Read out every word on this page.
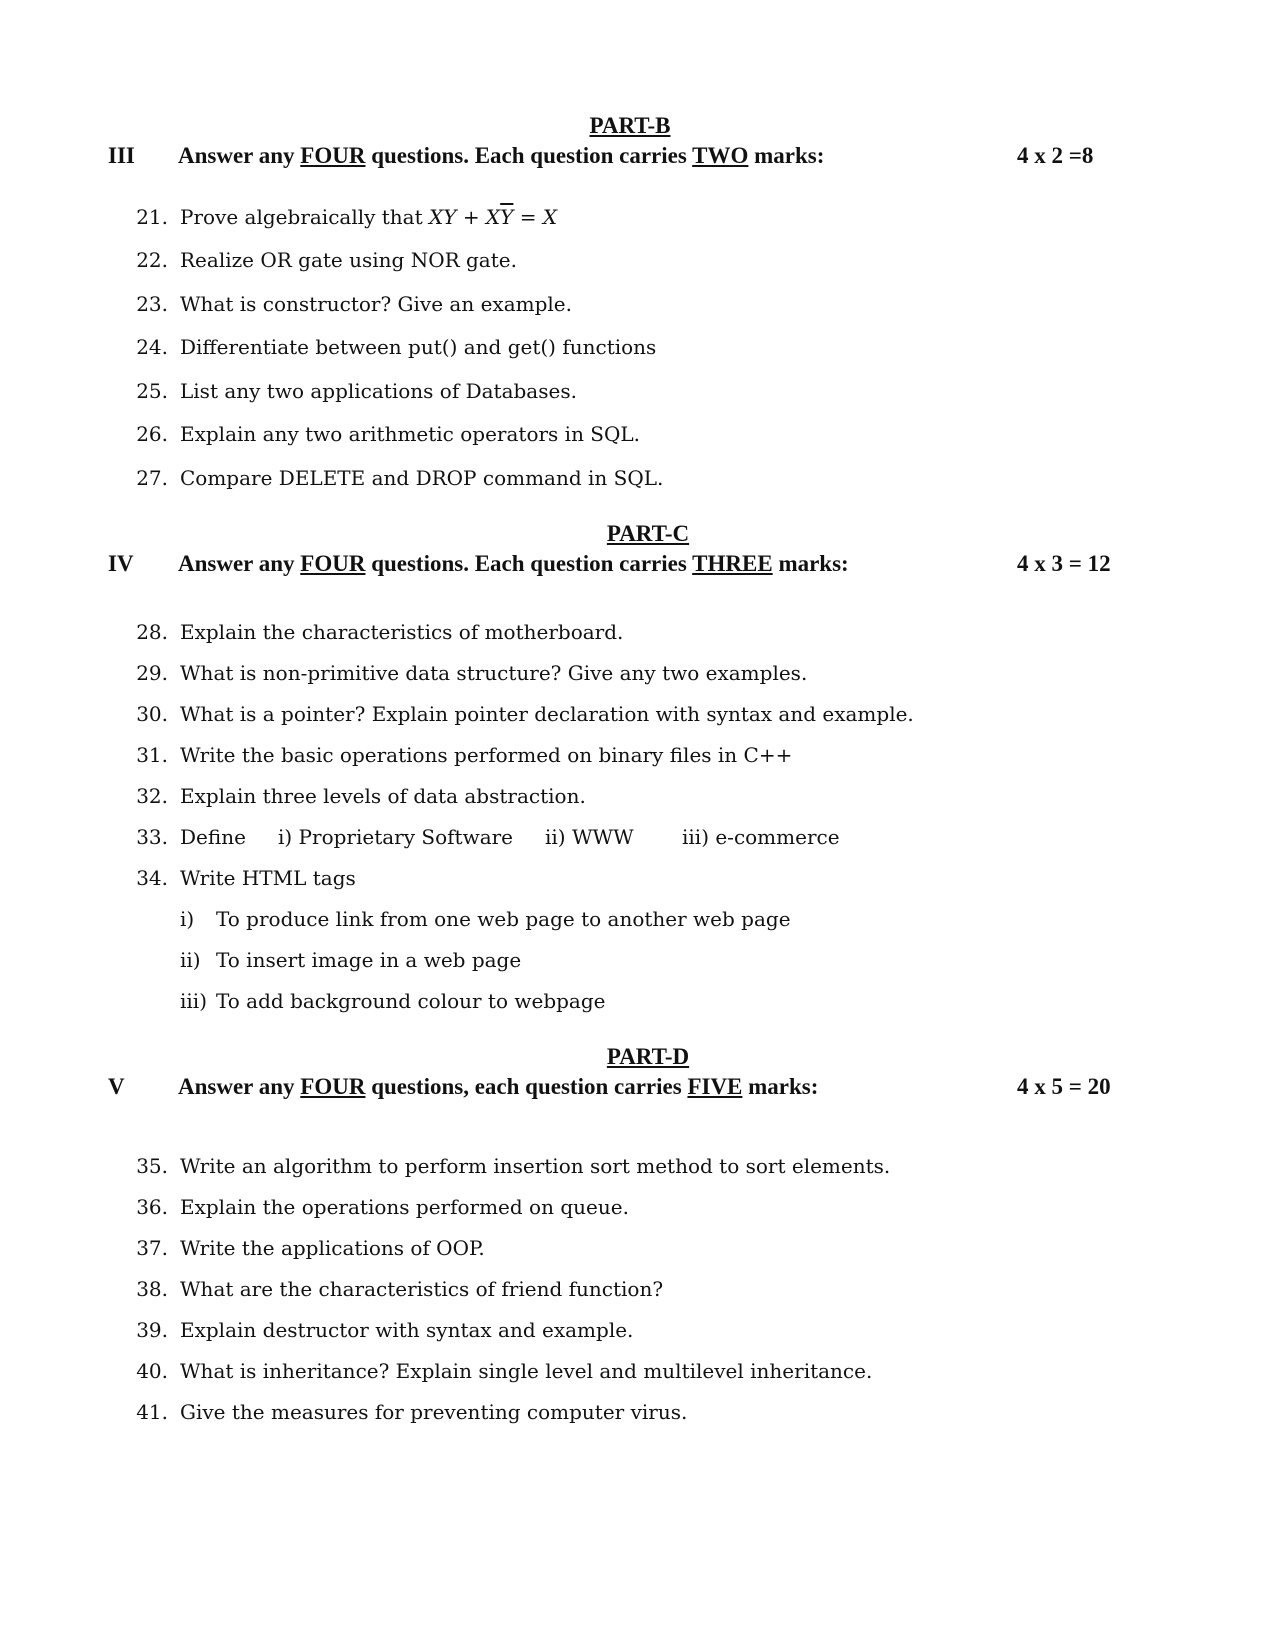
PART-B
III Answer any FOUR questions. Each question carries TWO marks:	4 x 2 =8
21. Prove algebraically that XY + $X\overline{Y} = X$
22. Realize OR gate using NOR gate.
23. What is constructor? Give an example.
24. Differentiate between put() and get() functions
25. List any two applications of Databases.
26. Explain any two arithmetic operators in SQL.
27. Compare DELETE and DROP command in SQL.
PART-C
IV Answer any FOUR questions. Each question carries THREE marks:	4 x 3 = 12
28. Explain the characteristics of motherboard.
29. What is non-primitive data structure? Give any two examples.
30. What is a pointer? Explain pointer declaration with syntax and example.
31. Write the basic operations performed on binary files in C++
32. Explain three levels of data abstraction.
33. Define i) Proprietary Software ii) WWW iii) e-commerce
34. Write HTML tags
i) To produce link from one web page to another web page
ii) To insert image in a web page
iii) To add background colour to webpage
PART-D
V Answer any FOUR questions, each question carries FIVE marks:	4 x 5 = 20
35. Write an algorithm to perform insertion sort method to sort elements.
36. Explain the operations performed on queue.
37. Write the applications of OOP.
38. What are the characteristics of friend function?
39. Explain destructor with syntax and example.
40. What is inheritance? Explain single level and multilevel inheritance.
41. Give the measures for preventing computer virus.
